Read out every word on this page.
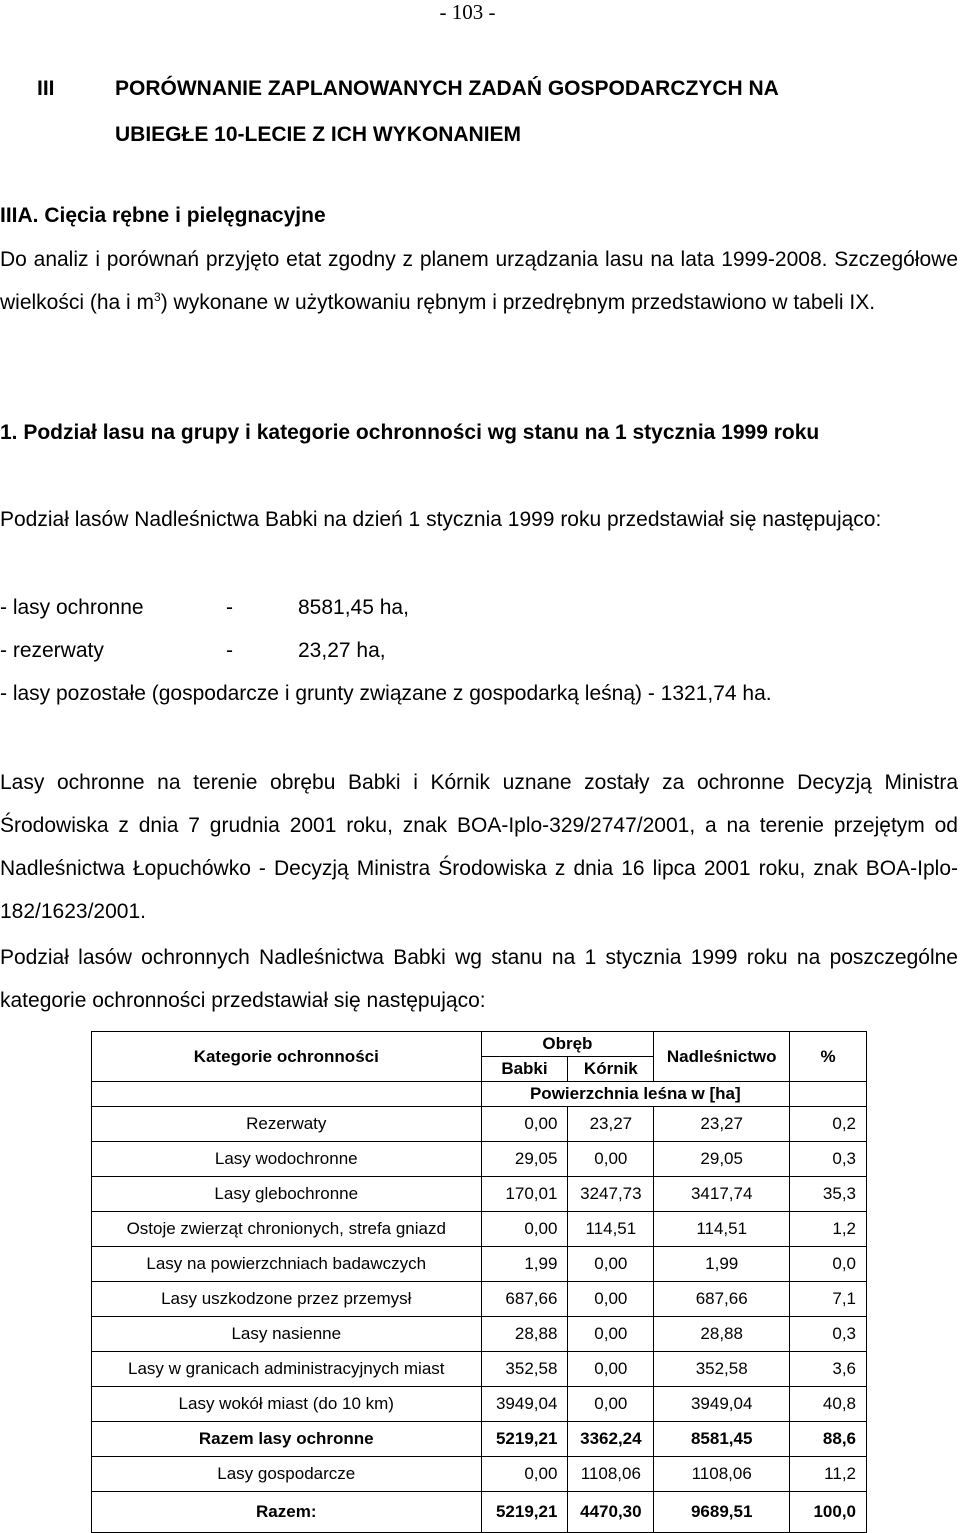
- 103 -
III	PORÓWNANIE ZAPLANOWANYCH ZADAŃ GOSPODARCZYCH NA
UBIEGŁE 10-LECIE Z ICH WYKONANIEM
IIIA. Cięcia rębne i pielęgnacyjne
Do analiz i porównań przyjęto etat zgodny z planem urządzania lasu na lata 1999-2008. Szczegółowe wielkości (ha i $m^3$) wykonane w użytkowaniu rębnym i przedrębnym przedstawiono w tabeli IX.
1. Podział lasu na grupy i kategorie ochronności wg stanu na 1 stycznia 1999 roku
Podział lasów Nadleśnictwa Babki na dzień 1 stycznia 1999 roku przedstawiał się następująco:
- lasy ochronne	-	8581,45 ha,
- rezerwaty	-	23,27 ha,
- lasy pozostałe (gospodarcze i grunty związane z gospodarką leśną) - 1321,74 ha.
Lasy ochronne na terenie obrębu Babki i Kórnik uznane zostały za ochronne Decyzją Ministra Środowiska z dnia 7 grudnia 2001 roku, znak BOA-Iplo-329/2747/2001, a na terenie przejętym od Nadleśnictwa Łopuchówko - Decyzją Ministra Środowiska z dnia 16 lipca 2001 roku, znak BOA-Iplo-182/1623/2001.
Podział lasów ochronnych Nadleśnictwa Babki wg stanu na 1 stycznia 1999 roku na poszczególne kategorie ochronności przedstawiał się następująco:
Kategorie ochronności	Obręb		Nadleśnictwo	%
	Babki	Kórnik		
	Powierzchnia leśna w [ha]			
Rezerwaty	0,00	23,27	23,27	0,2
Lasy wodochronne	29,05	0,00	29,05	0,3
Lasy glebochronne	170,01	3247,73	3417,74	35,3
Ostoje zwierząt chronionych, strefa gniazd	0,00	114,51	114,51	1,2
Lasy na powierzchniach badawczych	1,99	0,00	1,99	0,0
Lasy uszkodzone przez przemysł	687,66	0,00	687,66	7,1
Lasy nasienne	28,88	0,00	28,88	0,3
Lasy w granicach administracyjnych miast	352,58	0,00	352,58	3,6
Lasy wokół miast (do 10 km)	3949,04	0,00	3949,04	40,8
Razem lasy ochronne	5219,21	3362,24	8581,45	88,6
Lasy gospodarcze	0,00	1108,06	1108,06	11,2
Razem:	5219,21	4470,30	9689,51	100,0
